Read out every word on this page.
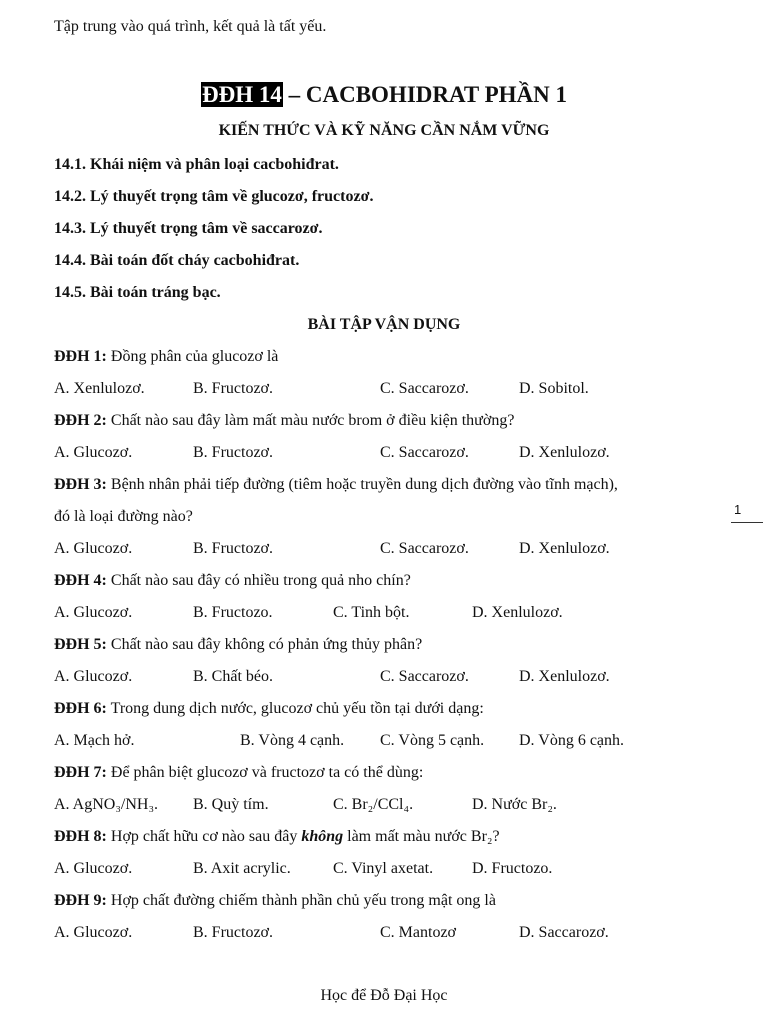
Tập trung vào quá trình, kết quả là tất yếu.
ĐĐH 14 – CACBOHIDRAT PHẦN 1
KIẾN THỨC VÀ KỸ NĂNG CẦN NẮM VỮNG
14.1. Khái niệm và phân loại cacbohiđrat.
14.2. Lý thuyết trọng tâm về glucozơ, fructozơ.
14.3. Lý thuyết trọng tâm về saccarozơ.
14.4. Bài toán đốt cháy cacbohiđrat.
14.5. Bài toán tráng bạc.
BÀI TẬP VẬN DỤNG
ĐĐH 1: Đồng phân của glucozơ là
A. Xenlulozơ.	B. Fructozơ.	C. Saccarozơ.	D. Sobitol.
ĐĐH 2: Chất nào sau đây làm mất màu nước brom ở điều kiện thường?
A. Glucozơ.	B. Fructozơ.	C. Saccarozơ.	D. Xenlulozơ.
ĐĐH 3: Bệnh nhân phải tiếp đường (tiêm hoặc truyền dung dịch đường vào tĩnh mạch),
đó là loại đường nào?
A. Glucozơ.	B. Fructozơ.	C. Saccarozơ.	D. Xenlulozơ.
ĐĐH 4: Chất nào sau đây có nhiều trong quả nho chín?
A. Glucozơ.	B. Fructozo.	C. Tinh bột.	D. Xenlulozơ.
ĐĐH 5: Chất nào sau đây không có phản ứng thủy phân?
A. Glucozơ.	B. Chất béo.	C. Saccarozơ.	D. Xenlulozơ.
ĐĐH 6: Trong dung dịch nước, glucozơ chủ yếu tồn tại dưới dạng:
A. Mạch hở.	B. Vòng 4 cạnh. C. Vòng 5 cạnh. D. Vòng 6 cạnh.
ĐĐH 7: Để phân biệt glucozơ và fructozơ ta có thể dùng:
A. AgNO₃/NH₃. B. Quỳ tím.	C. Br₂/CCl₄.	D. Nước Br₂.
ĐĐH 8: Hợp chất hữu cơ nào sau đây không làm mất màu nước Br₂?
A. Glucozơ.	B. Axit acrylic.	C. Vinyl axetat. D. Fructozo.
ĐĐH 9: Hợp chất đường chiếm thành phần chủ yếu trong mật ong là
A. Glucozơ.	B. Fructozơ.	C. Mantozơ	D. Saccarozơ.
1
Học để Đỗ Đại Học
